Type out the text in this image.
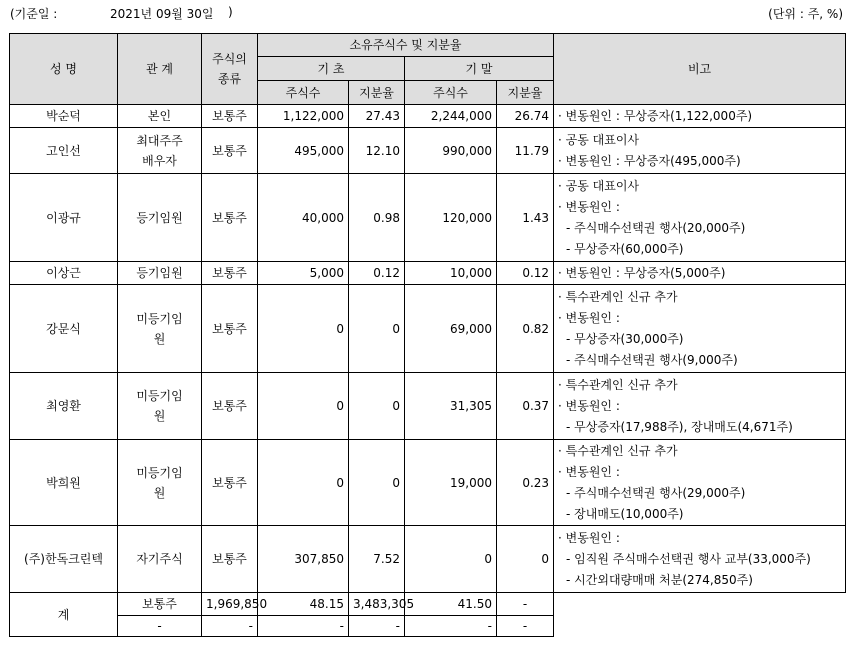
(기준일 :	2021년 09월 30일 )	(단위 : 주, %)
성 명	관 계	주식의 종류	소유주식수 및 지분율				비고
			기 초		기 말		
			주식수	지분율	주식수	지분율	
박순덕	본인	보통주	1,122,000	27.43	2,244,000	26.74	· 변동원인 : 무상증자(1,122,000주)

고인선	최대주주 배우자	보통주	495,000	12.10	990,000	11.79	· 공동 대표이사
· 변동원인 : 무상증자(495,000주)

이광규	등기임원	보통주	40,000	0.98	120,000	1.43	· 공동 대표이사
· 변동원인 :
- 주식매수선택권 행사(20,000주)
- 무상증자(60,000주)

이상근	등기임원	보통주	5,000	0.12	10,000	0.12	· 변동원인 : 무상증자(5,000주)

강문식	미등기임원	보통주	0	0	69,000	0.82	· 특수관계인 신규 추가
· 변동원인 :
- 무상증자(30,000주)
- 주식매수선택권 행사(9,000주)

최영환	미등기임원	보통주	0	0	31,305	0.37	· 특수관계인 신규 추가
· 변동원인 :
- 무상증자(17,988주), 장내매도(4,671주)

박희원	미등기임원	보통주	0	0	19,000	0.23	· 특수관계인 신규 추가
· 변동원인 :
- 주식매수선택권 행사(29,000주)
- 장내매도(10,000주)

(주)한독크린텍	자기주식	보통주	307,850	7.52	0	0	· 변동원인 :
- 임직원 주식매수선택권 행사 교부(33,000주)
- 시간외대량매매 처분(274,850주)

계	보통주	1,969,850	48.15	3,483,305	41.50	-	
	-	-	-	-	-	-	
